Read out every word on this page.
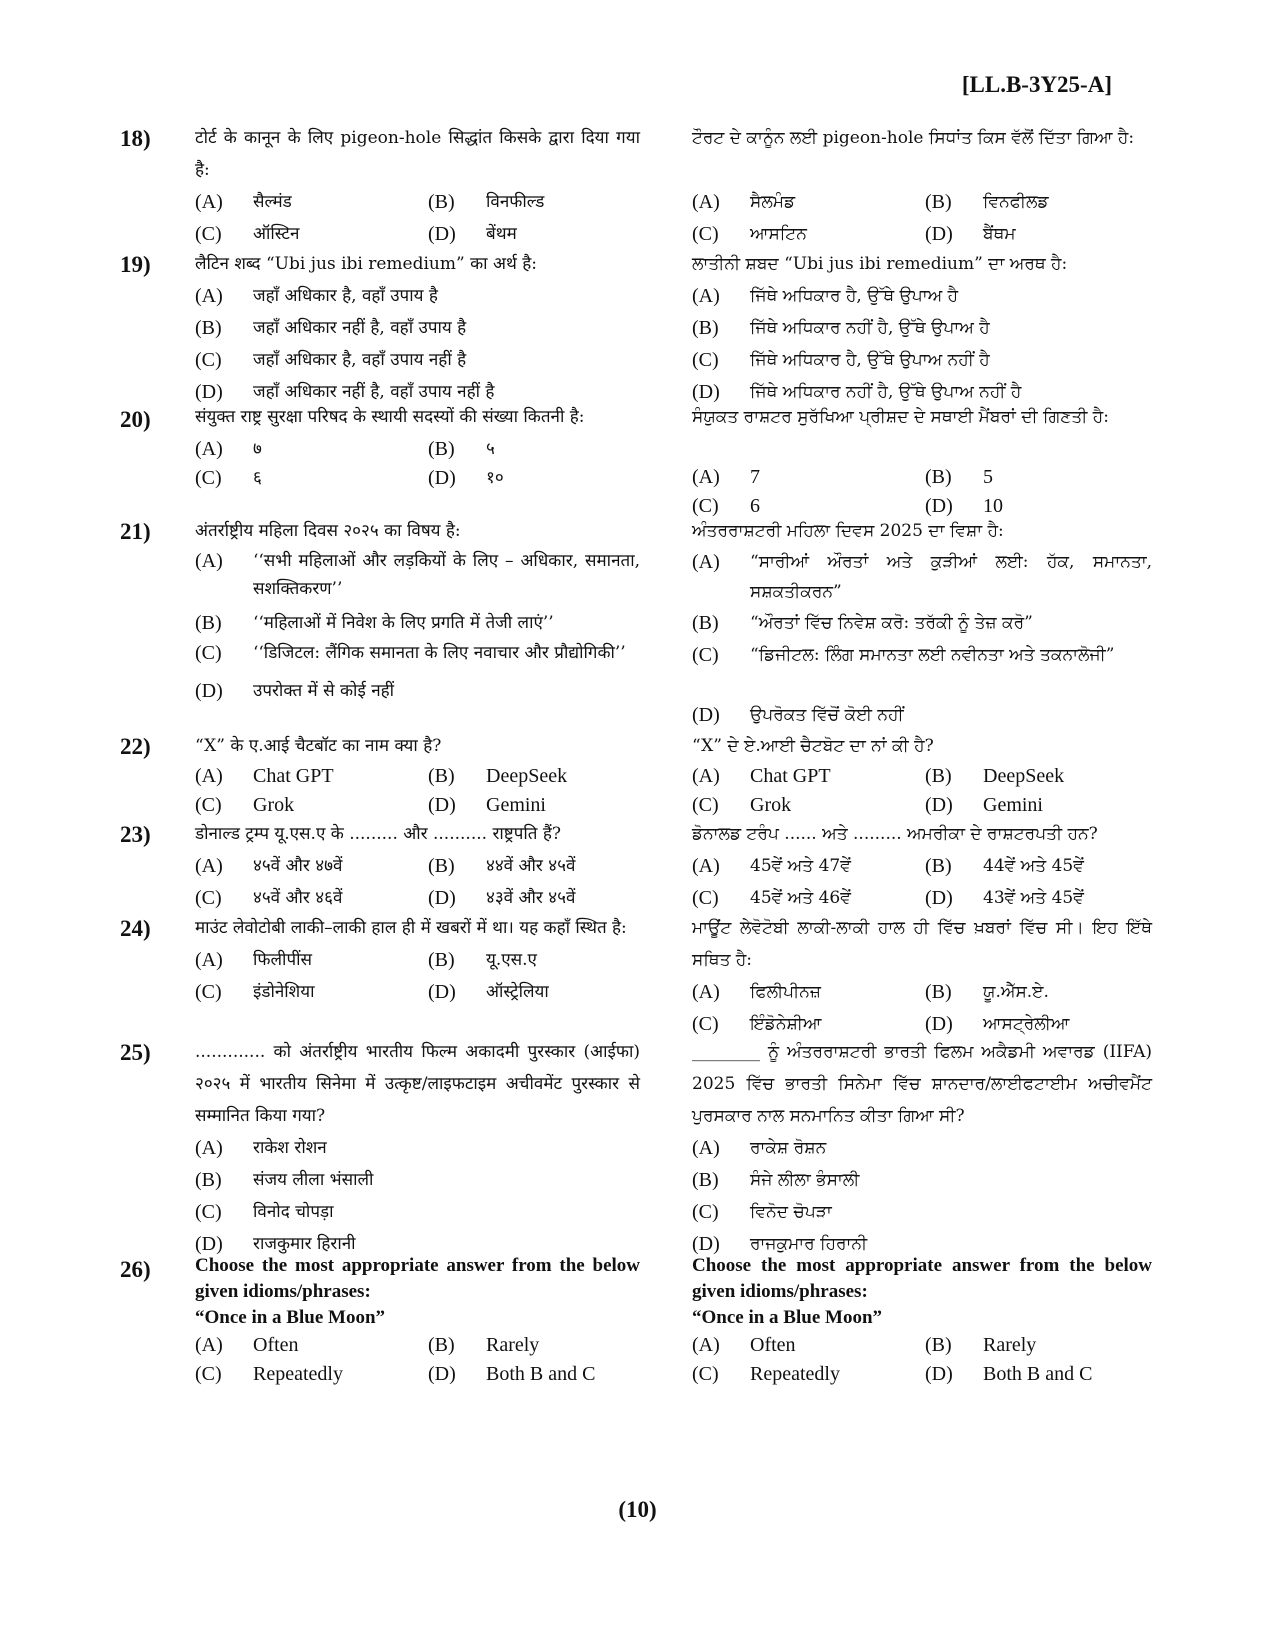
[LL.B-3Y25-A]
18)	टोर्ट के कानून के लिए pigeon-hole सिद्धांत किसके द्वारा दिया गया है:

(A)	सैल्मंड	(B)	विनफील्ड
(C)	ऑस्टिन	(D)	बेंथम

ਟੌਰਟ ਦੇ ਕਾਨੂੰਨ ਲਈ pigeon-hole ਸਿਧਾਂਤ ਕਿਸ ਵੱਲੋਂ ਦਿੱਤਾ ਗਿਆ ਹੈ:

(A)	ਸੈਲਮੰਡ	(B)	ਵਿਨਫੀਲਡ
(C)	ਆਸਟਿਨ	(D)	ਬੈਂਥਮ
19)	लैटिन शब्द “Ubi jus ibi remedium” का अर्थ है:

(A)	जहाँ अधिकार है, वहाँ उपाय है
(B)	जहाँ अधिकार नहीं है, वहाँ उपाय है
(C)	जहाँ अधिकार है, वहाँ उपाय नहीं है
(D)	जहाँ अधिकार नहीं है, वहाँ उपाय नहीं है

ਲਾਤੀਨੀ ਸ਼ਬਦ “Ubi jus ibi remedium” ਦਾ ਅਰਥ ਹੈ:

(A)	ਜਿੱਥੇ ਅਧਿਕਾਰ ਹੈ, ਉੱਥੇ ਉਪਾਅ ਹੈ
(B)	ਜਿੱਥੇ ਅਧਿਕਾਰ ਨਹੀਂ ਹੈ, ਉੱਥੇ ਉਪਾਅ ਹੈ
(C)	ਜਿੱਥੇ ਅਧਿਕਾਰ ਹੈ, ਉੱਥੇ ਉਪਾਅ ਨਹੀਂ ਹੈ
(D)	ਜਿੱਥੇ ਅਧਿਕਾਰ ਨਹੀਂ ਹੈ, ਉੱਥੇ ਉਪਾਅ ਨਹੀਂ ਹੈ
20)	संयुक्त राष्ट्र सुरक्षा परिषद के स्थायी सदस्यों की संख्या कितनी है:

(A)	७	(B)	५
(C)	६	(D)	१०

ਸੰਯੁਕਤ ਰਾਸ਼ਟਰ ਸੁਰੱਖਿਆ ਪ੍ਰੀਸ਼ਦ ਦੇ ਸਥਾਈ ਮੈਂਬਰਾਂ ਦੀ ਗਿਣਤੀ ਹੈ:

(A)	7	(B)	5
(C)	6	(D)	10
21)	अंतर्राष्ट्रीय महिला दिवस २०२५ का विषय है:

(A)	‘‘सभी महिलाओं और लड़कियों के लिए – अधिकार, समानता, सशक्तिकरण’’
(B)	‘‘महिलाओं में निवेश के लिए प्रगति में तेजी लाएं’’
(C)	‘‘डिजिटल: लैंगिक समानता के लिए नवाचार और प्रौद्योगिकी’’
(D)	उपरोक्त में से कोई नहीं

ਅੰਤਰਰਾਸ਼ਟਰੀ ਮਹਿਲਾ ਦਿਵਸ 2025 ਦਾ ਵਿਸ਼ਾ ਹੈ:

(A)	“ਸਾਰੀਆਂ ਔਰਤਾਂ ਅਤੇ ਕੁੜੀਆਂ ਲਈ: ਹੱਕ, ਸਮਾਨਤਾ, ਸਸ਼ਕਤੀਕਰਨ”
(B)	“ਔਰਤਾਂ ਵਿੱਚ ਨਿਵੇਸ਼ ਕਰੋ: ਤਰੱਕੀ ਨੂੰ ਤੇਜ਼ ਕਰੋ”
(C)	“ਡਿਜੀਟਲ: ਲਿੰਗ ਸਮਾਨਤਾ ਲਈ ਨਵੀਨਤਾ ਅਤੇ ਤਕਨਾਲੋਜੀ”
(D)	ਉਪਰੋਕਤ ਵਿੱਚੋਂ ਕੋਈ ਨਹੀਂ
22)	“X” के ए.आई चैटबॉट का नाम क्या है?

(A)	Chat GPT	(B)	DeepSeek
(C)	Grok	(D)	Gemini

“X” ਦੇ ਏ.ਆਈ ਚੈਟਬੋਟ ਦਾ ਨਾਂ ਕੀ ਹੈ?

(A)	Chat GPT	(B)	DeepSeek
(C)	Grok	(D)	Gemini
23)	डोनाल्ड ट्रम्प यू.एस.ए के ......... और .......... राष्ट्रपति हैं?

(A)	४५वें और ४७वें	(B)	४४वें और ४५वें
(C)	४५वें और ४६वें	(D)	४३वें और ४५वें

ਡੋਨਾਲਡ ਟਰੰਪ ...... ਅਤੇ ......... ਅਮਰੀਕਾ ਦੇ ਰਾਸ਼ਟਰਪਤੀ ਹਨ?

(A)	45ਵੇਂ ਅਤੇ 47ਵੇਂ	(B)	44ਵੇਂ ਅਤੇ 45ਵੇਂ
(C)	45ਵੇਂ ਅਤੇ 46ਵੇਂ	(D)	43ਵੇਂ ਅਤੇ 45ਵੇਂ
24)	माउंट लेवोटोबी लाकी–लाकी हाल ही में खबरों में था। यह कहाँ स्थित है:

(A)	फिलीपींस	(B)	यू.एस.ए
(C)	इंडोनेशिया	(D)	ऑस्ट्रेलिया

ਮਾਊਂਟ ਲੇਵੋਟੋਬੀ ਲਾਕੀ-ਲਾਕੀ ਹਾਲ ਹੀ ਵਿੱਚ ਖ਼ਬਰਾਂ ਵਿੱਚ ਸੀ। ਇਹ ਇੱਥੇ ਸਥਿਤ ਹੈ:

(A)	ਫਿਲੀਪੀਨਜ਼	(B)	ਯੂ.ਐੱਸ.ਏ.
(C)	ਇੰਡੋਨੇਸ਼ੀਆ	(D)	ਆਸਟ੍ਰੇਲੀਆ
25)	............. को अंतर्राष्ट्रीय भारतीय फिल्म अकादमी पुरस्कार (आईफा) २०२५ में भारतीय सिनेमा में उत्कृष्ट/लाइफटाइम अचीवमेंट पुरस्कार से सम्मानित किया गया?

(A)	राकेश रोशन
(B)	संजय लीला भंसाली
(C)	विनोद चोपड़ा
(D)	राजकुमार हिरानी

________ ਨੂੰ ਅੰਤਰਰਾਸ਼ਟਰੀ ਭਾਰਤੀ ਫਿਲਮ ਅਕੈਡਮੀ ਅਵਾਰਡ (IIFA) 2025 ਵਿੱਚ ਭਾਰਤੀ ਸਿਨੇਮਾ ਵਿੱਚ ਸ਼ਾਨਦਾਰ/ਲਾਈਫਟਾਈਮ ਅਚੀਵਮੈਂਟ ਪੁਰਸਕਾਰ ਨਾਲ ਸਨਮਾਨਿਤ ਕੀਤਾ ਗਿਆ ਸੀ?

(A)	ਰਾਕੇਸ਼ ਰੋਸ਼ਨ
(B)	ਸੰਜੇ ਲੀਲਾ ਭੰਸਾਲੀ
(C)	ਵਿਨੋਦ ਚੋਪੜਾ
(D)	ਰਾਜਕੁਮਾਰ ਹਿਰਾਨੀ
26)	Choose the most appropriate answer from the below given idioms/phrases:

“Once in a Blue Moon”

(A)	Often	(B)	Rarely
(C)	Repeatedly	(D)	Both B and C

Choose the most appropriate answer from the below given idioms/phrases:

“Once in a Blue Moon”

(A)	Often	(B)	Rarely
(C)	Repeatedly	(D)	Both B and C
(10)
